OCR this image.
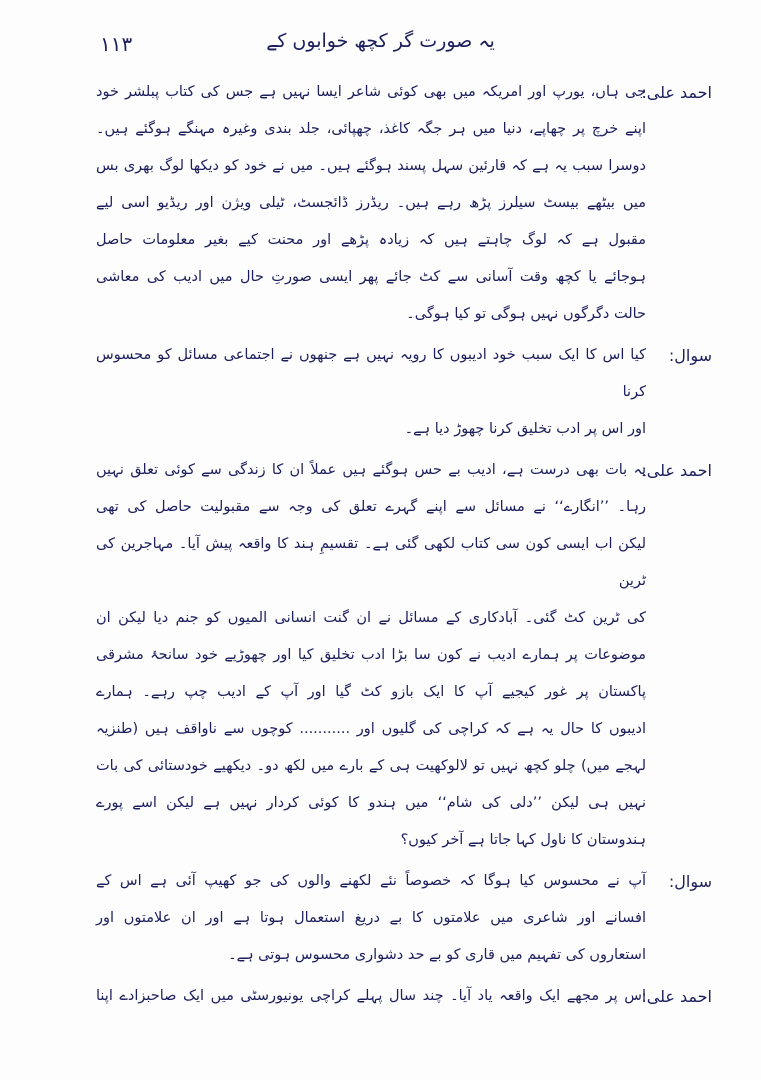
۱۱۳	یہ صورت گر کچھ خوابوں کے
احمد علی:
جی ہاں، یورپ اور امریکہ میں بھی کوئی شاعر ایسا نہیں ہے جس کی کتاب پبلشر خود
اپنے خرچ پر چھاپے، دنیا میں ہر جگہ کاغذ، چھپائی، جلد بندی وغیرہ مہنگے ہوگئے ہیں۔
دوسرا سبب یہ ہے کہ قارئین سہل پسند ہوگئے ہیں۔ میں نے خود کو دیکھا لوگ بھری بس
میں بیٹھے بیسٹ سیلرز پڑھ رہے ہیں۔ ریڈرز ڈائجسٹ، ٹیلی ویژن اور ریڈیو اسی لیے
مقبول ہے کہ لوگ چاہتے ہیں کہ زیادہ پڑھے اور محنت کیے بغیر معلومات حاصل
ہوجائے یا کچھ وقت آسانی سے کٹ جائے پھر ایسی صورتِ حال میں ادیب کی معاشی
حالت دگرگوں نہیں ہوگی تو کیا ہوگی۔
سوال:
کیا اس کا ایک سبب خود ادیبوں کا رویہ نہیں ہے جنھوں نے اجتماعی مسائل کو محسوس کرنا
اور اس پر ادب تخلیق کرنا چھوڑ دیا ہے۔
احمد علی:
یہ بات بھی درست ہے، ادیب بے حس ہوگئے ہیں عملاً ان کا زندگی سے کوئی تعلق نہیں
رہا۔ ’’انگارے‘‘ نے مسائل سے اپنے گہرے تعلق کی وجہ سے مقبولیت حاصل کی تھی
لیکن اب ایسی کون سی کتاب لکھی گئی ہے۔ تقسیمِ ہند کا واقعہ پیش آیا۔ مہاجرین کی ٹرین
کی ٹرین کٹ گئی۔ آبادکاری کے مسائل نے ان گنت انسانی المیوں کو جنم دیا لیکن ان
موضوعات پر ہمارے ادیب نے کون سا بڑا ادب تخلیق کیا اور چھوڑیے خود سانحۂ مشرقی
پاکستان پر غور کیجیے آپ کا ایک بازو کٹ گیا اور آپ کے ادیب چپ رہے۔ ہمارے
ادیبوں کا حال یہ ہے کہ کراچی کی گلیوں اور ........... کوچوں سے ناواقف ہیں (طنزیہ
لہجے میں) چلو کچھ نہیں تو لالوکھیت ہی کے بارے میں لکھ دو۔ دیکھیے خودستائی کی بات
نہیں ہی لیکن ’’دلی کی شام‘‘ میں ہندو کا کوئی کردار نہیں ہے لیکن اسے پورے
ہندوستان کا ناول کہا جاتا ہے آخر کیوں؟
سوال:
آپ نے محسوس کیا ہوگا کہ خصوصاً نئے لکھنے والوں کی جو کھیپ آئی ہے اس کے
افسانے اور شاعری میں علامتوں کا بے دریغ استعمال ہوتا ہے اور ان علامتوں اور
استعاروں کی تفہیم میں قاری کو بے حد دشواری محسوس ہوتی ہے۔
احمد علی:
اس پر مجھے ایک واقعہ یاد آیا۔ چند سال پہلے کراچی یونیورسٹی میں ایک صاحبزادے اپنا
